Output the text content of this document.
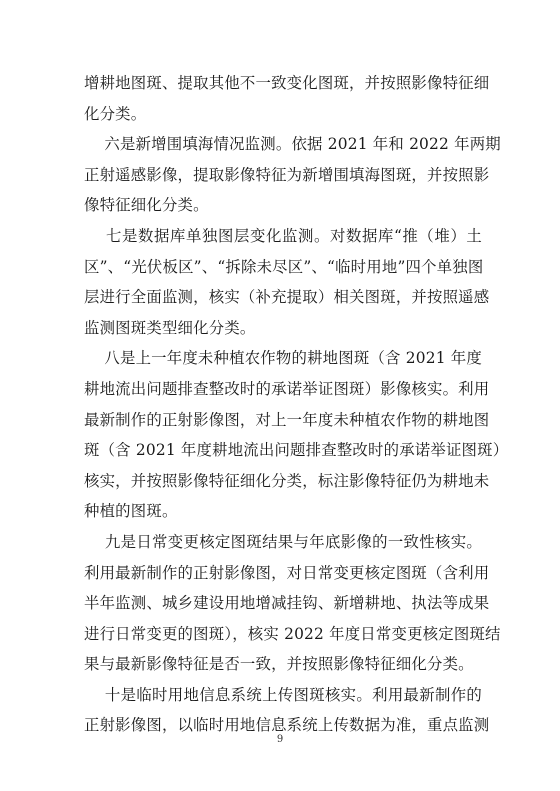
增耕地图斑、提取其他不一致变化图斑，并按照影像特征细
化分类。
六是新增围填海情况监测。依据 2021 年和 2022 年两期
正射遥感影像，提取影像特征为新增围填海图斑，并按照影
像特征细化分类。
七是数据库单独图层变化监测。对数据库“推（堆）土
区”、“光伏板区”、“拆除未尽区”、“临时用地”四个单独图
层进行全面监测，核实（补充提取）相关图斑，并按照遥感
监测图斑类型细化分类。
八是上一年度未种植农作物的耕地图斑（含 2021 年度
耕地流出问题排查整改时的承诺举证图斑）影像核实。利用
最新制作的正射影像图，对上一年度未种植农作物的耕地图
斑（含 2021 年度耕地流出问题排查整改时的承诺举证图斑）
核实，并按照影像特征细化分类，标注影像特征仍为耕地未
种植的图斑。
九是日常变更核定图斑结果与年底影像的一致性核实。
利用最新制作的正射影像图，对日常变更核定图斑（含利用
半年监测、城乡建设用地增减挂钩、新增耕地、执法等成果
进行日常变更的图斑），核实 2022 年度日常变更核定图斑结
果与最新影像特征是否一致，并按照影像特征细化分类。
十是临时用地信息系统上传图斑核实。利用最新制作的
正射影像图，以临时用地信息系统上传数据为准，重点监测
9
